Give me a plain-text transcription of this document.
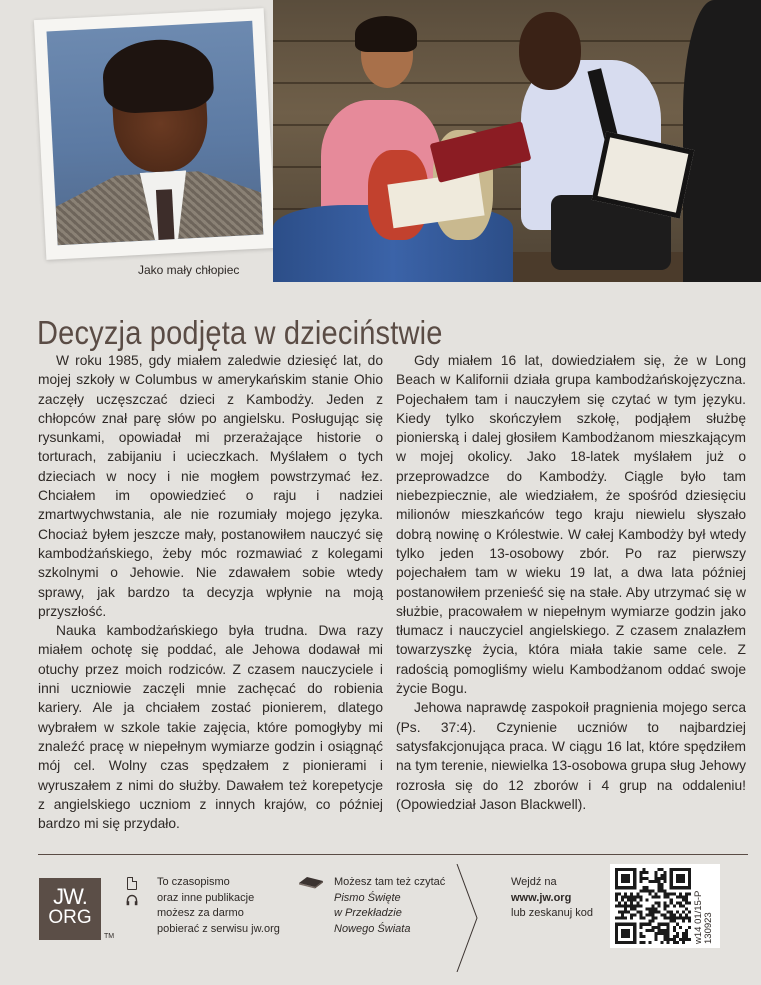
Jako mały chłopiec
Decyzja podjęta w dzieciństwie

W roku 1985, gdy miałem zaledwie dziesięć lat, do mojej szkoły w Columbus w amerykańskim stanie Ohio zaczęły uczęszczać dzieci z Kambodży. Jeden z chłopców znał parę słów po angielsku. Posługując się rysunkami, opowiadał mi przerażające historie o torturach, zabijaniu i ucieczkach. Myślałem o tych dzieciach w nocy i nie mogłem powstrzymać łez. Chciałem im opowiedzieć o raju i nadziei zmartwychwstania, ale nie rozumiały mojego języka. Chociaż byłem jeszcze mały, postanowiłem nauczyć się kambodżańskiego, żeby móc rozmawiać z kolegami szkolnymi o Jehowie. Nie zdawałem sobie wtedy sprawy, jak bardzo ta decyzja wpłynie na moją przyszłość.

Nauka kambodżańskiego była trudna. Dwa razy miałem ochotę się poddać, ale Jehowa dodawał mi otuchy przez moich rodziców. Z czasem nauczyciele i inni uczniowie zaczęli mnie zachęcać do robienia kariery. Ale ja chciałem zostać pionierem, dlatego wybrałem w szkole takie zajęcia, które pomogłyby mi znaleźć pracę w niepełnym wymiarze godzin i osiągnąć mój cel. Wolny czas spędzałem z pionierami i wyruszałem z nimi do służby. Dawałem też korepetycje z angielskiego uczniom z innych krajów, co później bardzo mi się przydało.

Gdy miałem 16 lat, dowiedziałem się, że w Long Beach w Kalifornii działa grupa kambodżańskojęzyczna. Pojechałem tam i nauczyłem się czytać w tym języku. Kiedy tylko skończyłem szkołę, podjąłem służbę pionierską i dalej głosiłem Kambodżanom mieszkającym w mojej okolicy. Jako 18-latek myślałem już o przeprowadzce do Kambodży. Ciągle było tam niebezpiecznie, ale wiedziałem, że spośród dziesięciu milionów mieszkańców tego kraju niewielu słyszało dobrą nowinę o Królestwie. W całej Kambodży był wtedy tylko jeden 13-osobowy zbór. Po raz pierwszy pojechałem tam w wieku 19 lat, a dwa lata później postanowiłem przenieść się na stałe. Aby utrzymać się w służbie, pracowałem w niepełnym wymiarze godzin jako tłumacz i nauczyciel angielskiego. Z czasem znalazłem towarzyszkę życia, która miała takie same cele. Z radością pomogliśmy wielu Kambodżanom oddać swoje życie Bogu.

Jehowa naprawdę zaspokoił pragnienia mojego serca (Ps. 37:4). Czynienie uczniów to najbardziej satysfakcjonująca praca. W ciągu 16 lat, które spędziłem na tym terenie, niewielka 13-osobowa grupa sług Jehowy rozrosła się do 12 zborów i 4 grup na oddaleniu! (Opowiedział Jason Blackwell).

JW.
ORG
TM
To czasopismo
oraz inne publikacje
możesz za darmo
pobierać z serwisu jw.org
Możesz tam też czytać
Pismo Święte
w Przekładzie
Nowego Świata
Wejdź na
www.jw.org
lub zeskanuj kod	w14 01/15-P 130923
